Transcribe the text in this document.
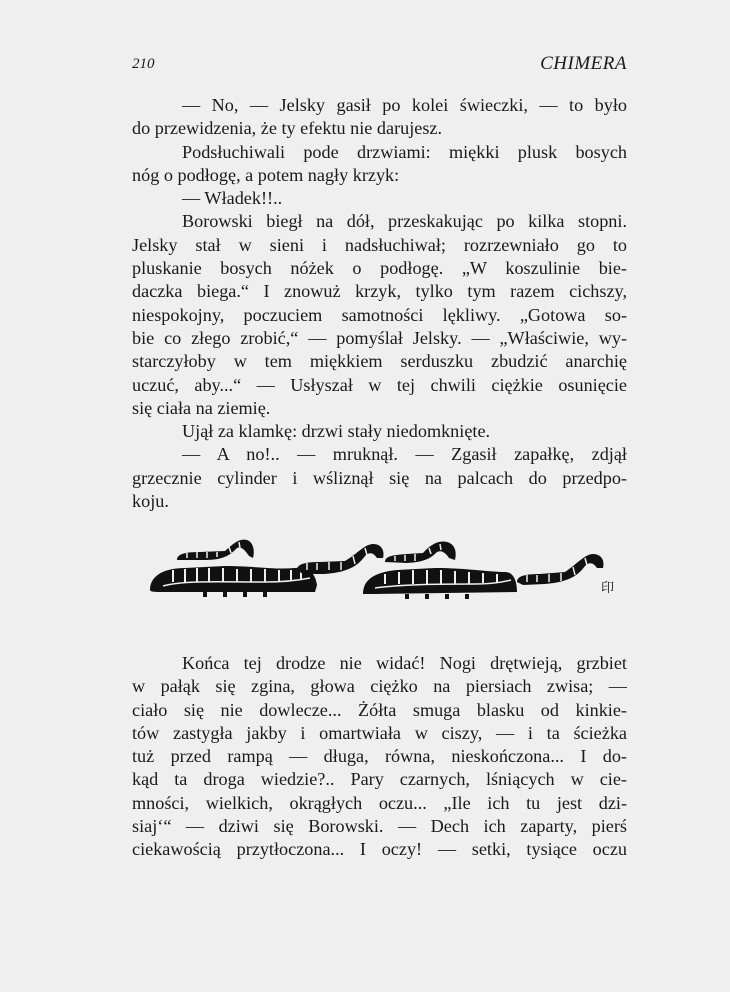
210	CHIMERA
— No, — Jelsky gasił po kolei świeczki, — to było
do przewidzenia, że ty efektu nie darujesz.
Podsłuchiwali pode drzwiami: miękki plusk bosych
nóg o podłogę, a potem nagły krzyk:
— Władek!!..
Borowski biegł na dół, przeskakując po kilka stopni.
Jelsky stał w sieni i nadsłuchiwał; rozrzewniało go to
pluskanie bosych nóżek o podłogę. „W koszulinie bie-
daczka biega.“ I znowuż krzyk, tylko tym razem cichszy,
niespokojny, poczuciem samotności lękliwy. „Gotowa so-
bie co złego zrobić,“ — pomyślał Jelsky. — „Właściwie, wy-
starczyłoby w tem miękkiem serduszku zbudzić anarchię
uczuć, aby...“ — Usłyszał w tej chwili ciężkie osunięcie
się ciała na ziemię.
Ujął za klamkę: drzwi stały niedomknięte.
— A no!.. — mruknął. — Zgasił zapałkę, zdjął
grzecznie cylinder i wśliznął się na palcach do przedpo-
koju.
印
Końca tej drodze nie widać! Nogi drętwieją, grzbiet
w pałąk się zgina, głowa ciężko na piersiach zwisa; —
ciało się nie dowlecze... Żółta smuga blasku od kinkie-
tów zastygła jakby i omartwiała w ciszy, — i ta ścieżka
tuż przed rampą — długa, równa, nieskończona... I do-
kąd ta droga wiedzie?.. Pary czarnych, lśniących w cie-
mności, wielkich, okrągłych oczu... „Ile ich tu jest dzi-
siaj‘“ — dziwi się Borowski. — Dech ich zaparty, pierś
ciekawością przytłoczona... I oczy! — setki, tysiące oczu
